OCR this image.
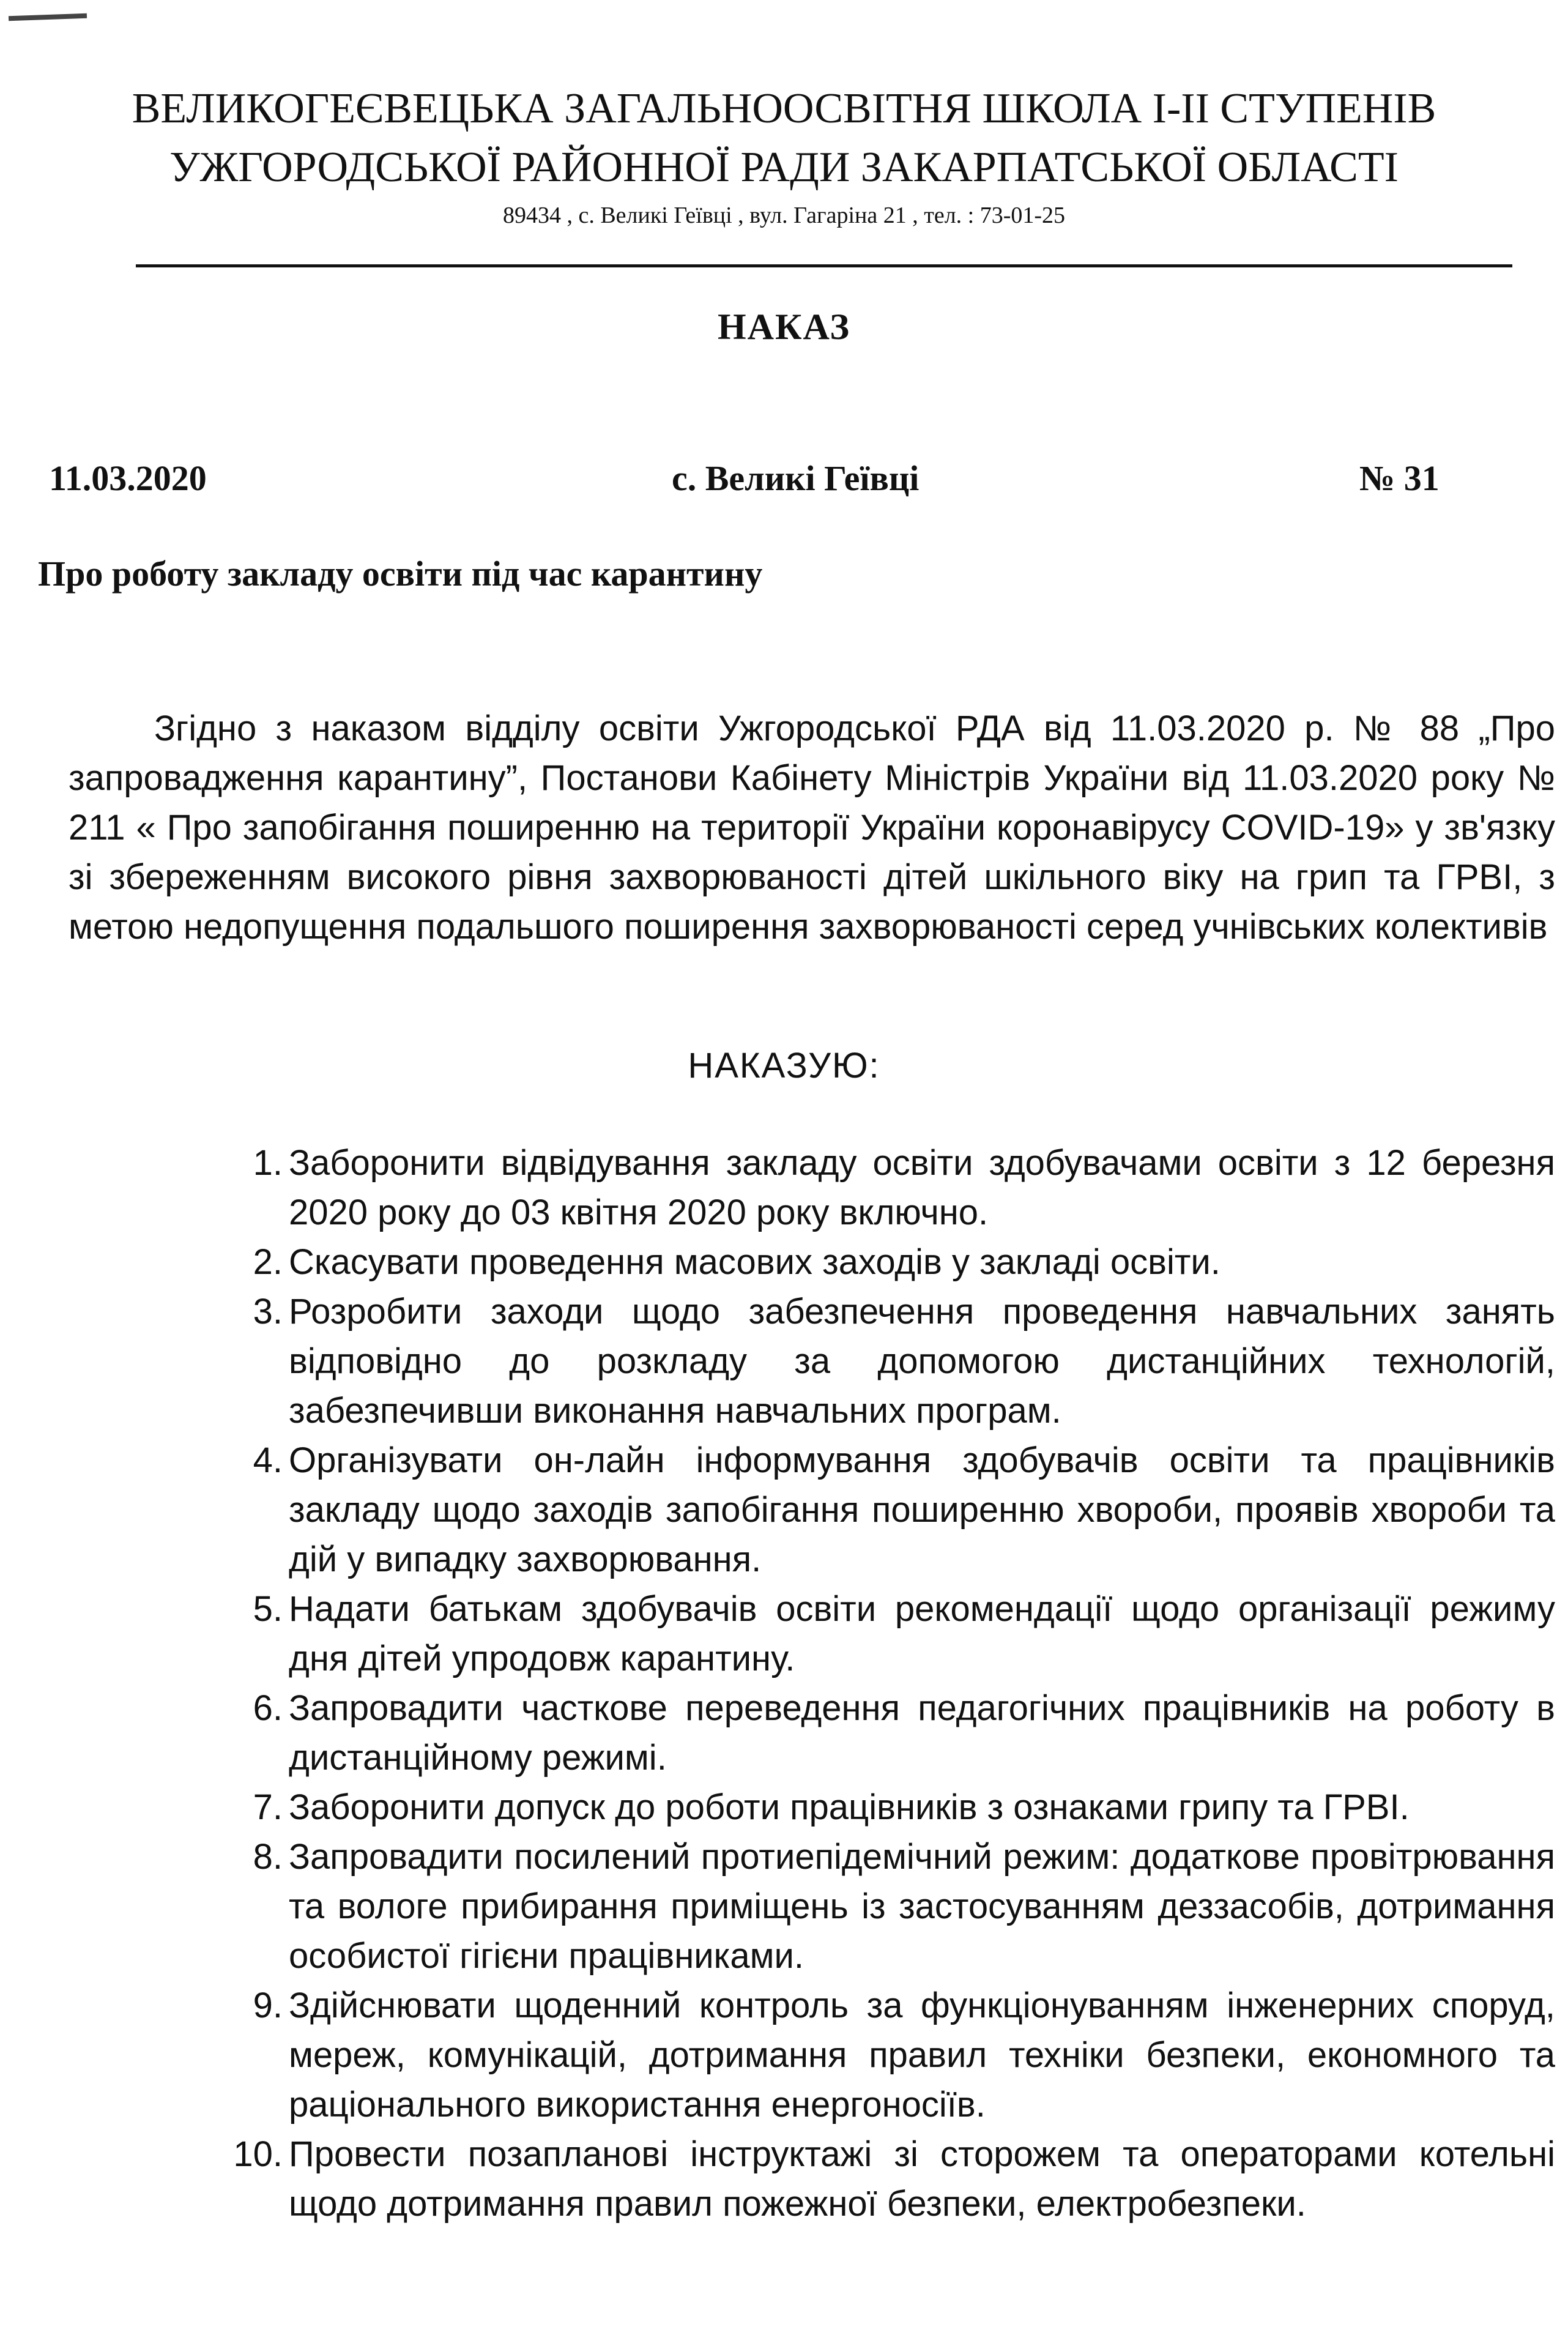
ВЕЛИКОГЕЄВЕЦЬКА ЗАГАЛЬНООСВІТНЯ ШКОЛА І-ІІ СТУПЕНІВ
УЖГОРОДСЬКОЇ РАЙОННОЇ РАДИ ЗАКАРПАТСЬКОЇ ОБЛАСТІ
89434 , с. Великі Геївці , вул. Гагаріна 21 , тел. : 73-01-25
НАКАЗ
11.03.2020	с. Великі Геївці	№ 31
Про роботу закладу освіти під час карантину
Згідно з наказом відділу освіти Ужгородської РДА від 11.03.2020 р. № 88 „Про запровадження карантину”, Постанови Кабінету Міністрів України від 11.03.2020 року № 211 « Про запобігання поширенню на території України коронавірусу COVID-19» у зв'язку зі збереженням високого рівня захворюваності дітей шкільного віку на грип та ГРВІ, з метою недопущення подальшого поширення захворюваності серед учнівських колективів
НАКАЗУЮ:
1. Заборонити відвідування закладу освіти здобувачами освіти з 12 березня 2020 року до 03 квітня 2020 року включно.
2. Скасувати проведення масових заходів у закладі освіти.
3. Розробити заходи щодо забезпечення проведення навчальних занять відповідно до розкладу за допомогою дистанційних технологій, забезпечивши виконання навчальних програм.
4. Організувати он-лайн інформування здобувачів освіти та працівників закладу щодо заходів запобігання поширенню хвороби, проявів хвороби та дій у випадку захворювання.
5. Надати батькам здобувачів освіти рекомендації щодо організації режиму дня дітей упродовж карантину.
6. Запровадити часткове переведення педагогічних працівників на роботу в дистанційному режимі.
7. Заборонити допуск до роботи працівників з ознаками грипу та ГРВІ.
8. Запровадити посилений протиепідемічний режим: додаткове провітрювання та вологе прибирання приміщень із застосуванням деззасобів, дотримання особистої гігієни працівниками.
9. Здійснювати щоденний контроль за функціонуванням інженерних споруд, мереж, комунікацій, дотримання правил техніки безпеки, економного та раціонального використання енергоносіїв.
10. Провести позапланові інструктажі зі сторожем та операторами котельні щодо дотримання правил пожежної безпеки, електробезпеки.
